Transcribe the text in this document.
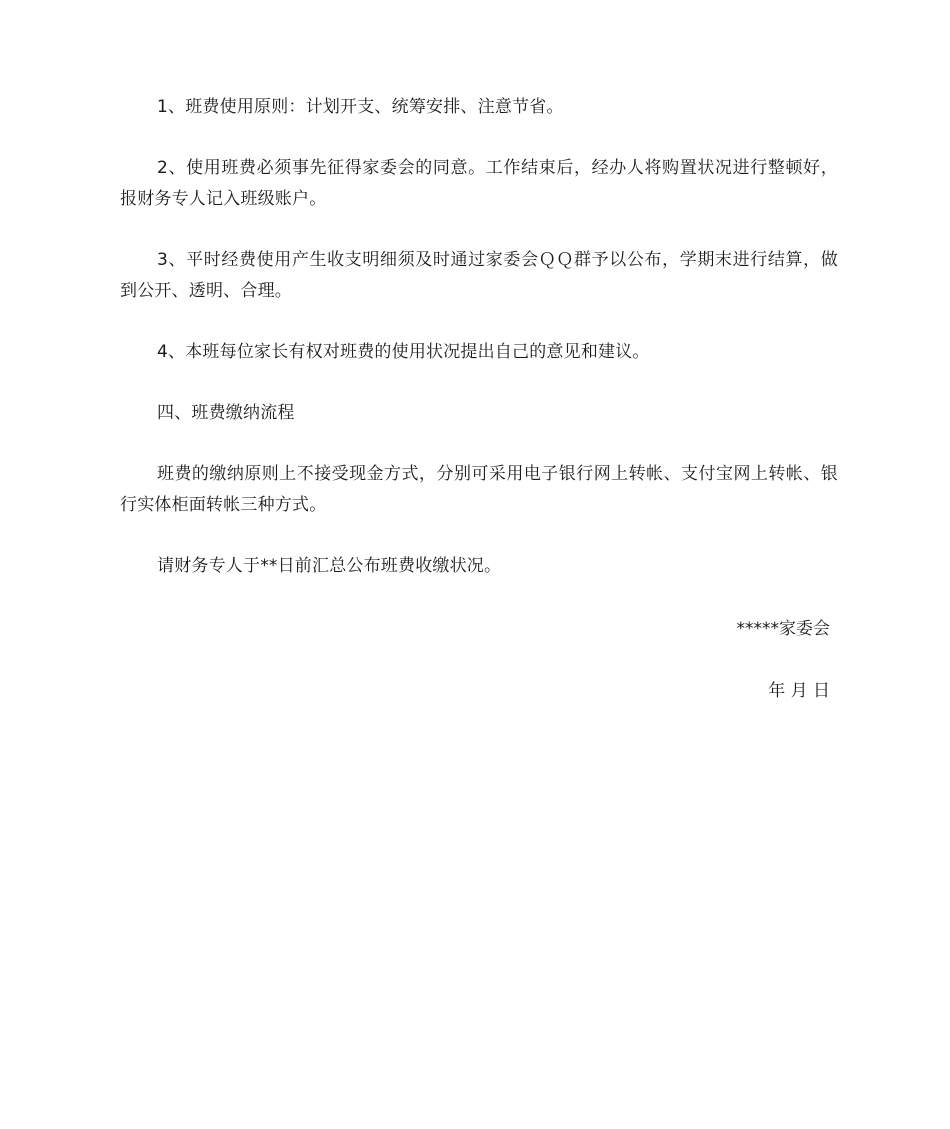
1、班费使用原则：计划开支、统筹安排、注意节省。

2、使用班费必须事先征得家委会的同意。工作结束后，经办人将购置状况进行整顿好，报财务专人记入班级账户。

3、平时经费使用产生收支明细须及时通过家委会ＱＱ群予以公布，学期末进行结算，做到公开、透明、合理。

4、本班每位家长有权对班费的使用状况提出自己的意见和建议。

四、班费缴纳流程

班费的缴纳原则上不接受现金方式，分别可采用电子银行网上转帐、支付宝网上转帐、银行实体柜面转帐三种方式。

请财务专人于**日前汇总公布班费收缴状况。

*****家委会
年 月 日
